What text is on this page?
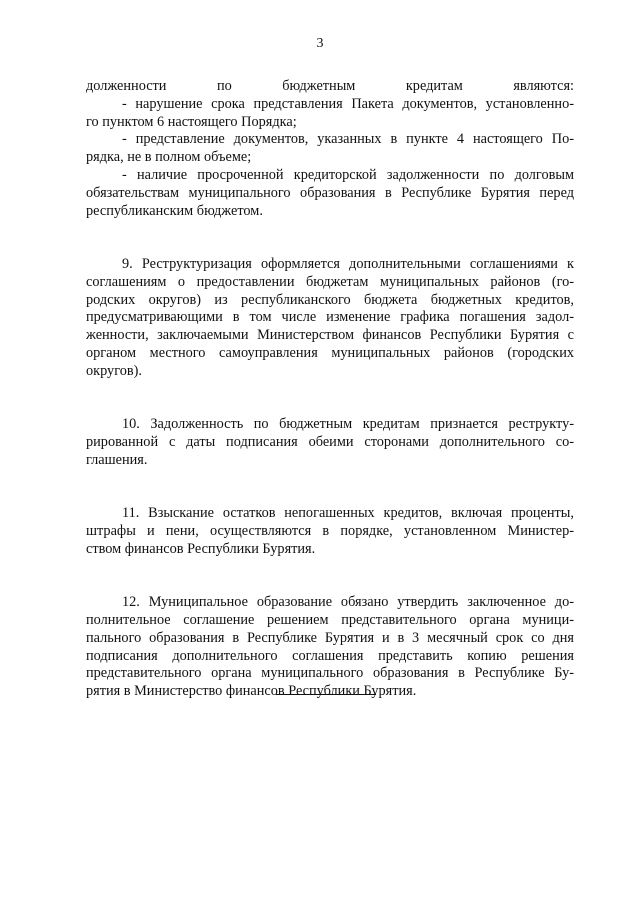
3
долженности по бюджетным кредитам являются:
- нарушение срока представления Пакета документов, установленно-
го пунктом 6 настоящего Порядка;
- представление документов, указанных в пункте 4 настоящего По-
рядка, не в полном объеме;
- наличие просроченной кредиторской задолженности по долговым
обязательствам муниципального образования в Республике Бурятия перед
республиканским бюджетом.
9. Реструктуризация оформляется дополнительными соглашениями к
соглашениям о предоставлении бюджетам муниципальных районов (го-
родских округов) из республиканского бюджета бюджетных кредитов,
предусматривающими в том числе изменение графика погашения задол-
женности, заключаемыми Министерством финансов Республики Бурятия с
органом местного самоуправления муниципальных районов (городских
округов).
10. Задолженность по бюджетным кредитам признается реструкту-
рированной с даты подписания обеими сторонами дополнительного со-
глашения.
11. Взыскание остатков непогашенных кредитов, включая проценты,
штрафы и пени, осуществляются в порядке, установленном Министер-
ством финансов Республики Бурятия.
12. Муниципальное образование обязано утвердить заключенное до-
полнительное соглашение решением представительного органа муници-
пального образования в Республике Бурятия и в 3 месячный срок со дня
подписания дополнительного соглашения представить копию решения
представительного органа муниципального образования в Республике Бу-
рятия в Министерство финансов Республики Бурятия.
